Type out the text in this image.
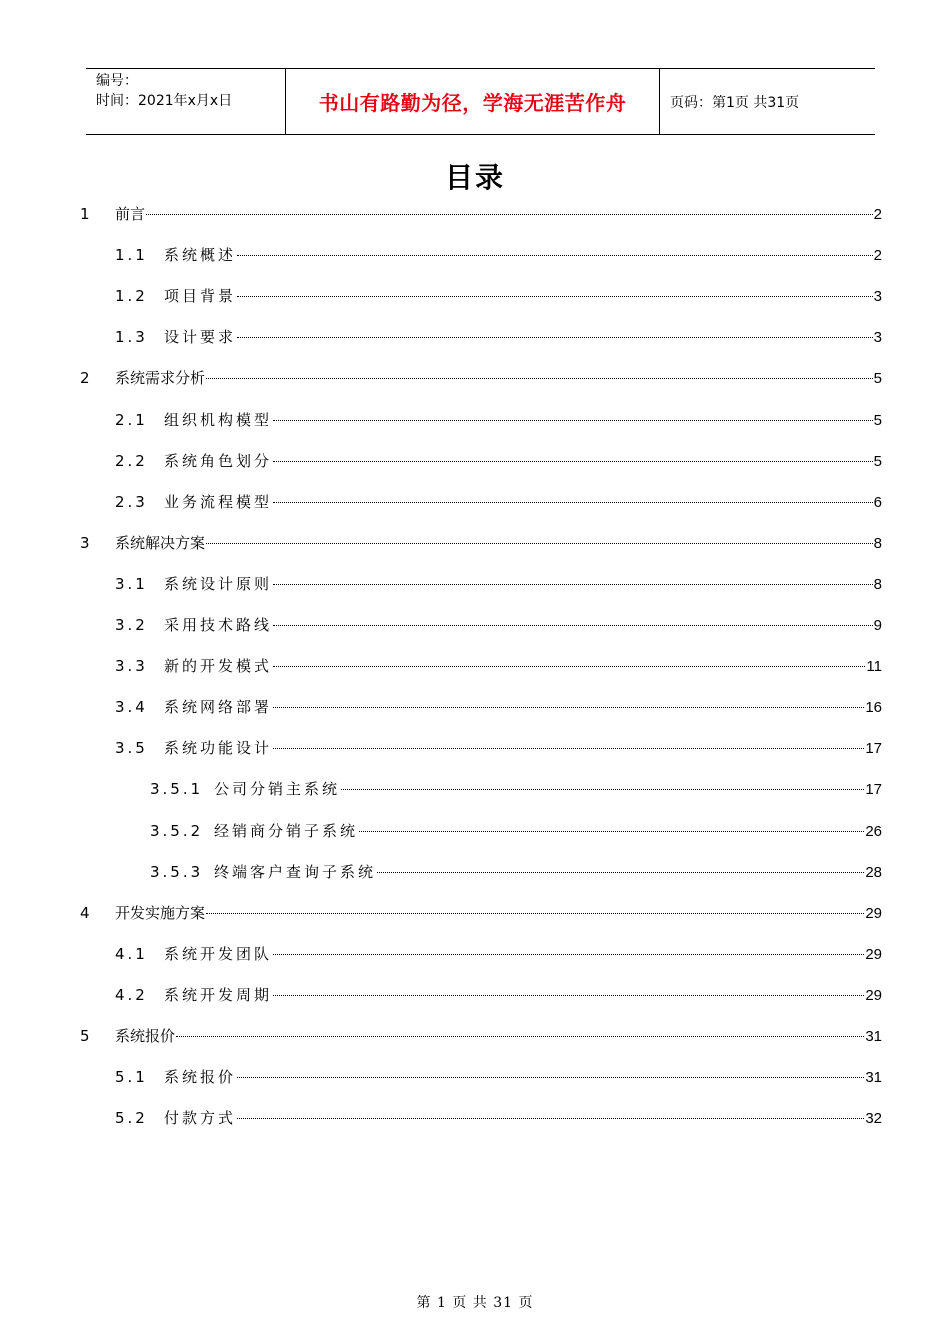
编号：
时间：2021年x月x日	书山有路勤为径，学海无涯苦作舟	页码：第1页 共31页
目录
1	前言	2
1.1	系统概述	2
1.2	项目背景	3
1.3	设计要求	3
2	系统需求分析	5
2.1	组织机构模型	5
2.2	系统角色划分	5
2.3	业务流程模型	6
3	系统解决方案	8
3.1	系统设计原则	8
3.2	采用技术路线	9
3.3	新的开发模式	11
3.4	系统网络部署	16
3.5	系统功能设计	17
3.5.1 公司分销主系统	17
3.5.2 经销商分销子系统	26
3.5.3 终端客户查询子系统	28
4	开发实施方案	29
4.1	系统开发团队	29
4.2	系统开发周期	29
5	系统报价	31
5.1	系统报价	31
5.2	付款方式	32
第 1 页 共 31 页
